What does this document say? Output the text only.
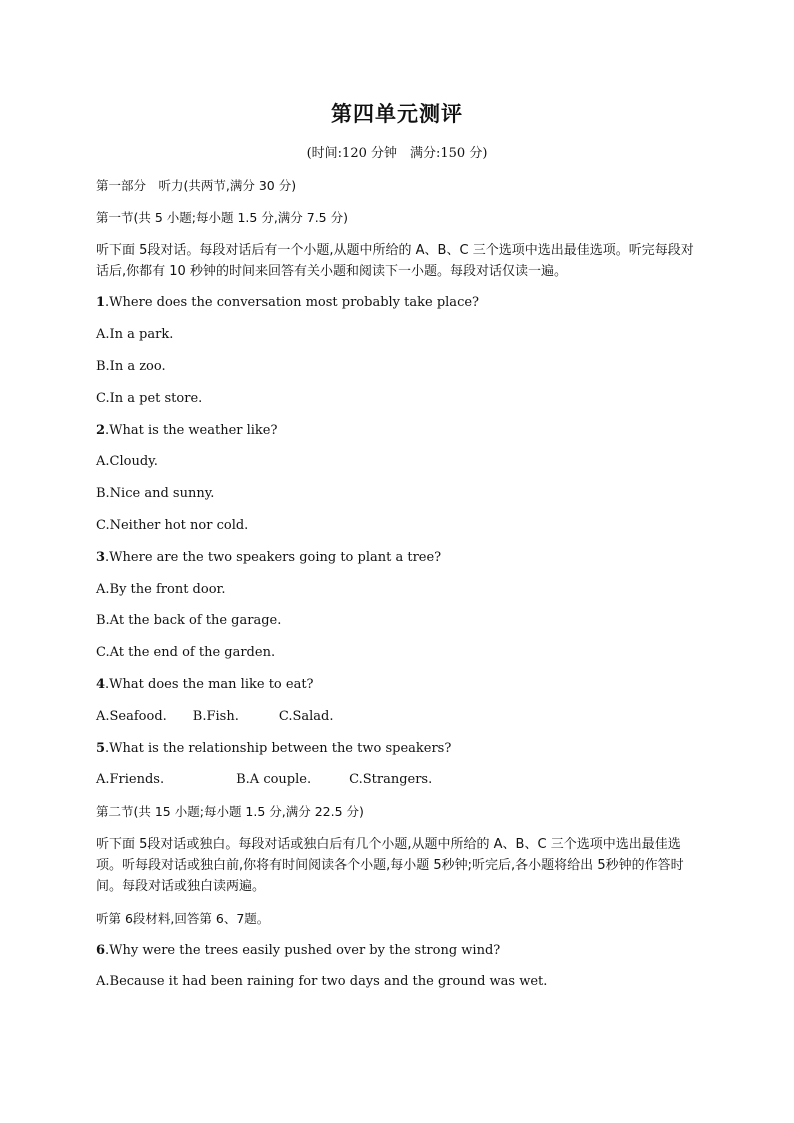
第四单元测评
(时间:120 分钟　满分:150 分)
第一部分　听力(共两节,满分 30 分)
第一节(共 5 小题;每小题 1.5 分,满分 7.5 分)
听下面 5段对话。每段对话后有一个小题,从题中所给的 A、B、C 三个选项中选出最佳选项。听完每段对话后,你都有 10 秒钟的时间来回答有关小题和阅读下一小题。每段对话仅读一遍。
1.Where does the conversation most probably take place?
A.In a park.
B.In a zoo.
C.In a pet store.
2.What is the weather like?
A.Cloudy.
B.Nice and sunny.
C.Neither hot nor cold.
3.Where are the two speakers going to plant a tree?
A.By the front door.
B.At the back of the garage.
C.At the end of the garden.
4.What does the man like to eat?
A.Seafood. B.Fish.	C.Salad.
5.What is the relationship between the two speakers?
A.Friends.	B.A couple.	C.Strangers.
第二节(共 15 小题;每小题 1.5 分,满分 22.5 分)
听下面 5段对话或独白。每段对话或独白后有几个小题,从题中所给的 A、B、C 三个选项中选出最佳选项。听每段对话或独白前,你将有时间阅读各个小题,每小题 5秒钟;听完后,各小题将给出 5秒钟的作答时间。每段对话或独白读两遍。
听第 6段材料,回答第 6、7题。
6.Why were the trees easily pushed over by the strong wind?
A.Because it had been raining for two days and the ground was wet.
